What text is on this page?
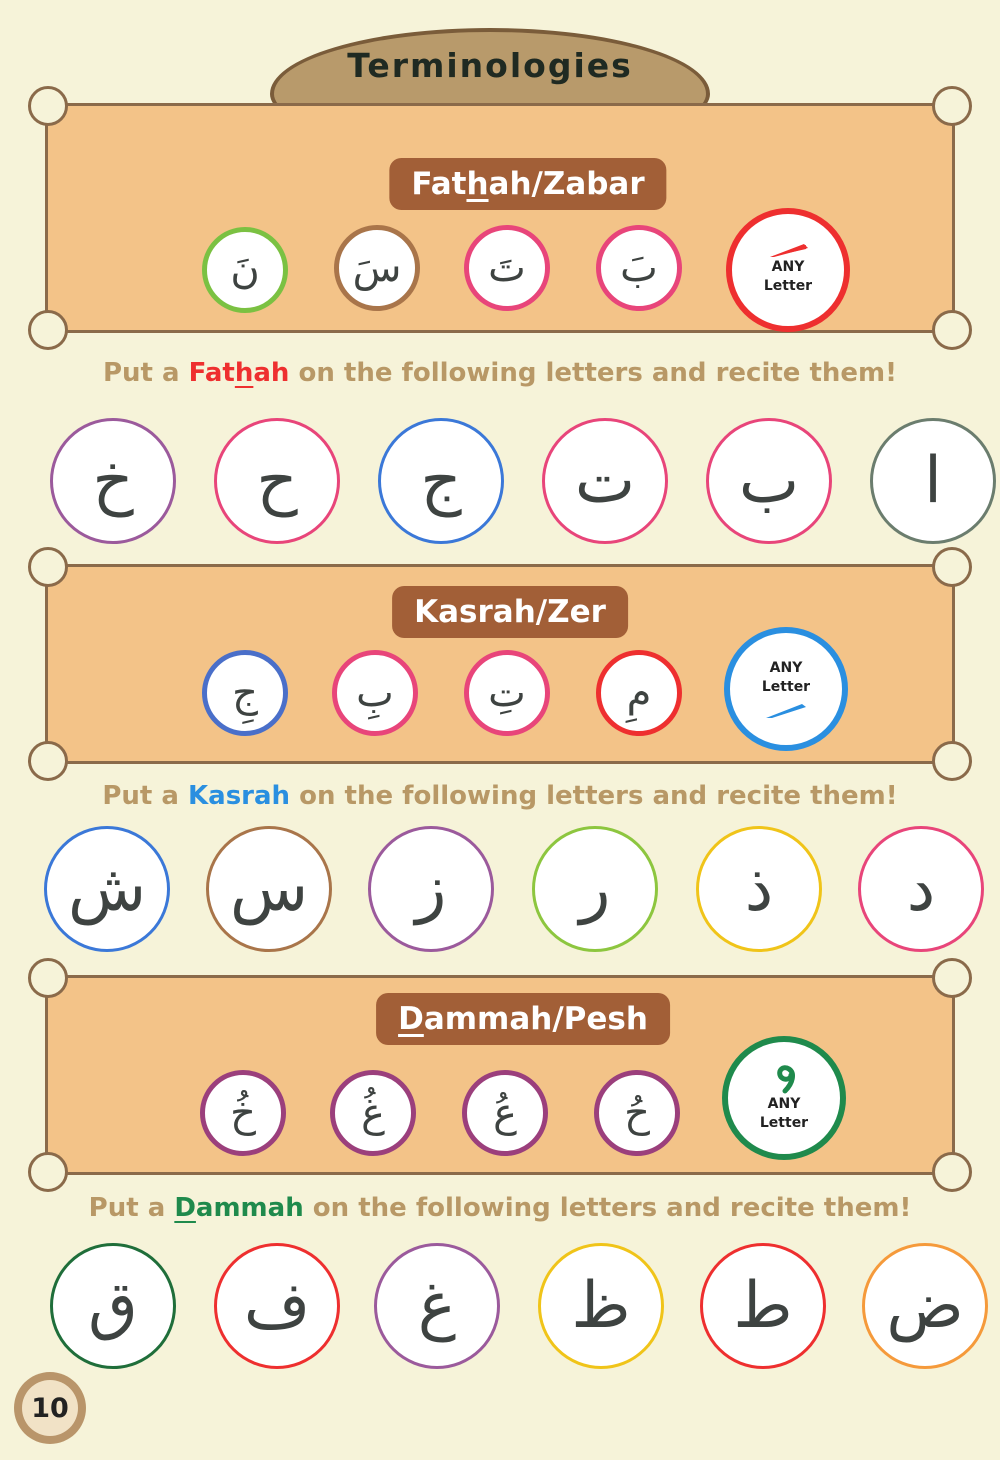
Terminologies
Fathah/Zabar
نَ	سَ	تَ	بَ	ANY
Letter
Put a Fathah on the following letters and recite them!
خ	ح	ج	ت	ب	ا
Kasrah/Zer
جِ	بِ	تِ	مِ
ANY
Letter
Put a Kasrah on the following letters and recite them!
ش	س	ز	ر	ذ	د
Dammah/Pesh
خُ	غُ	عُ	حُ	ANY
Letter
Put a Dammah on the following letters and recite them!
ق	ف	غ	ظ	ط	ض
10
